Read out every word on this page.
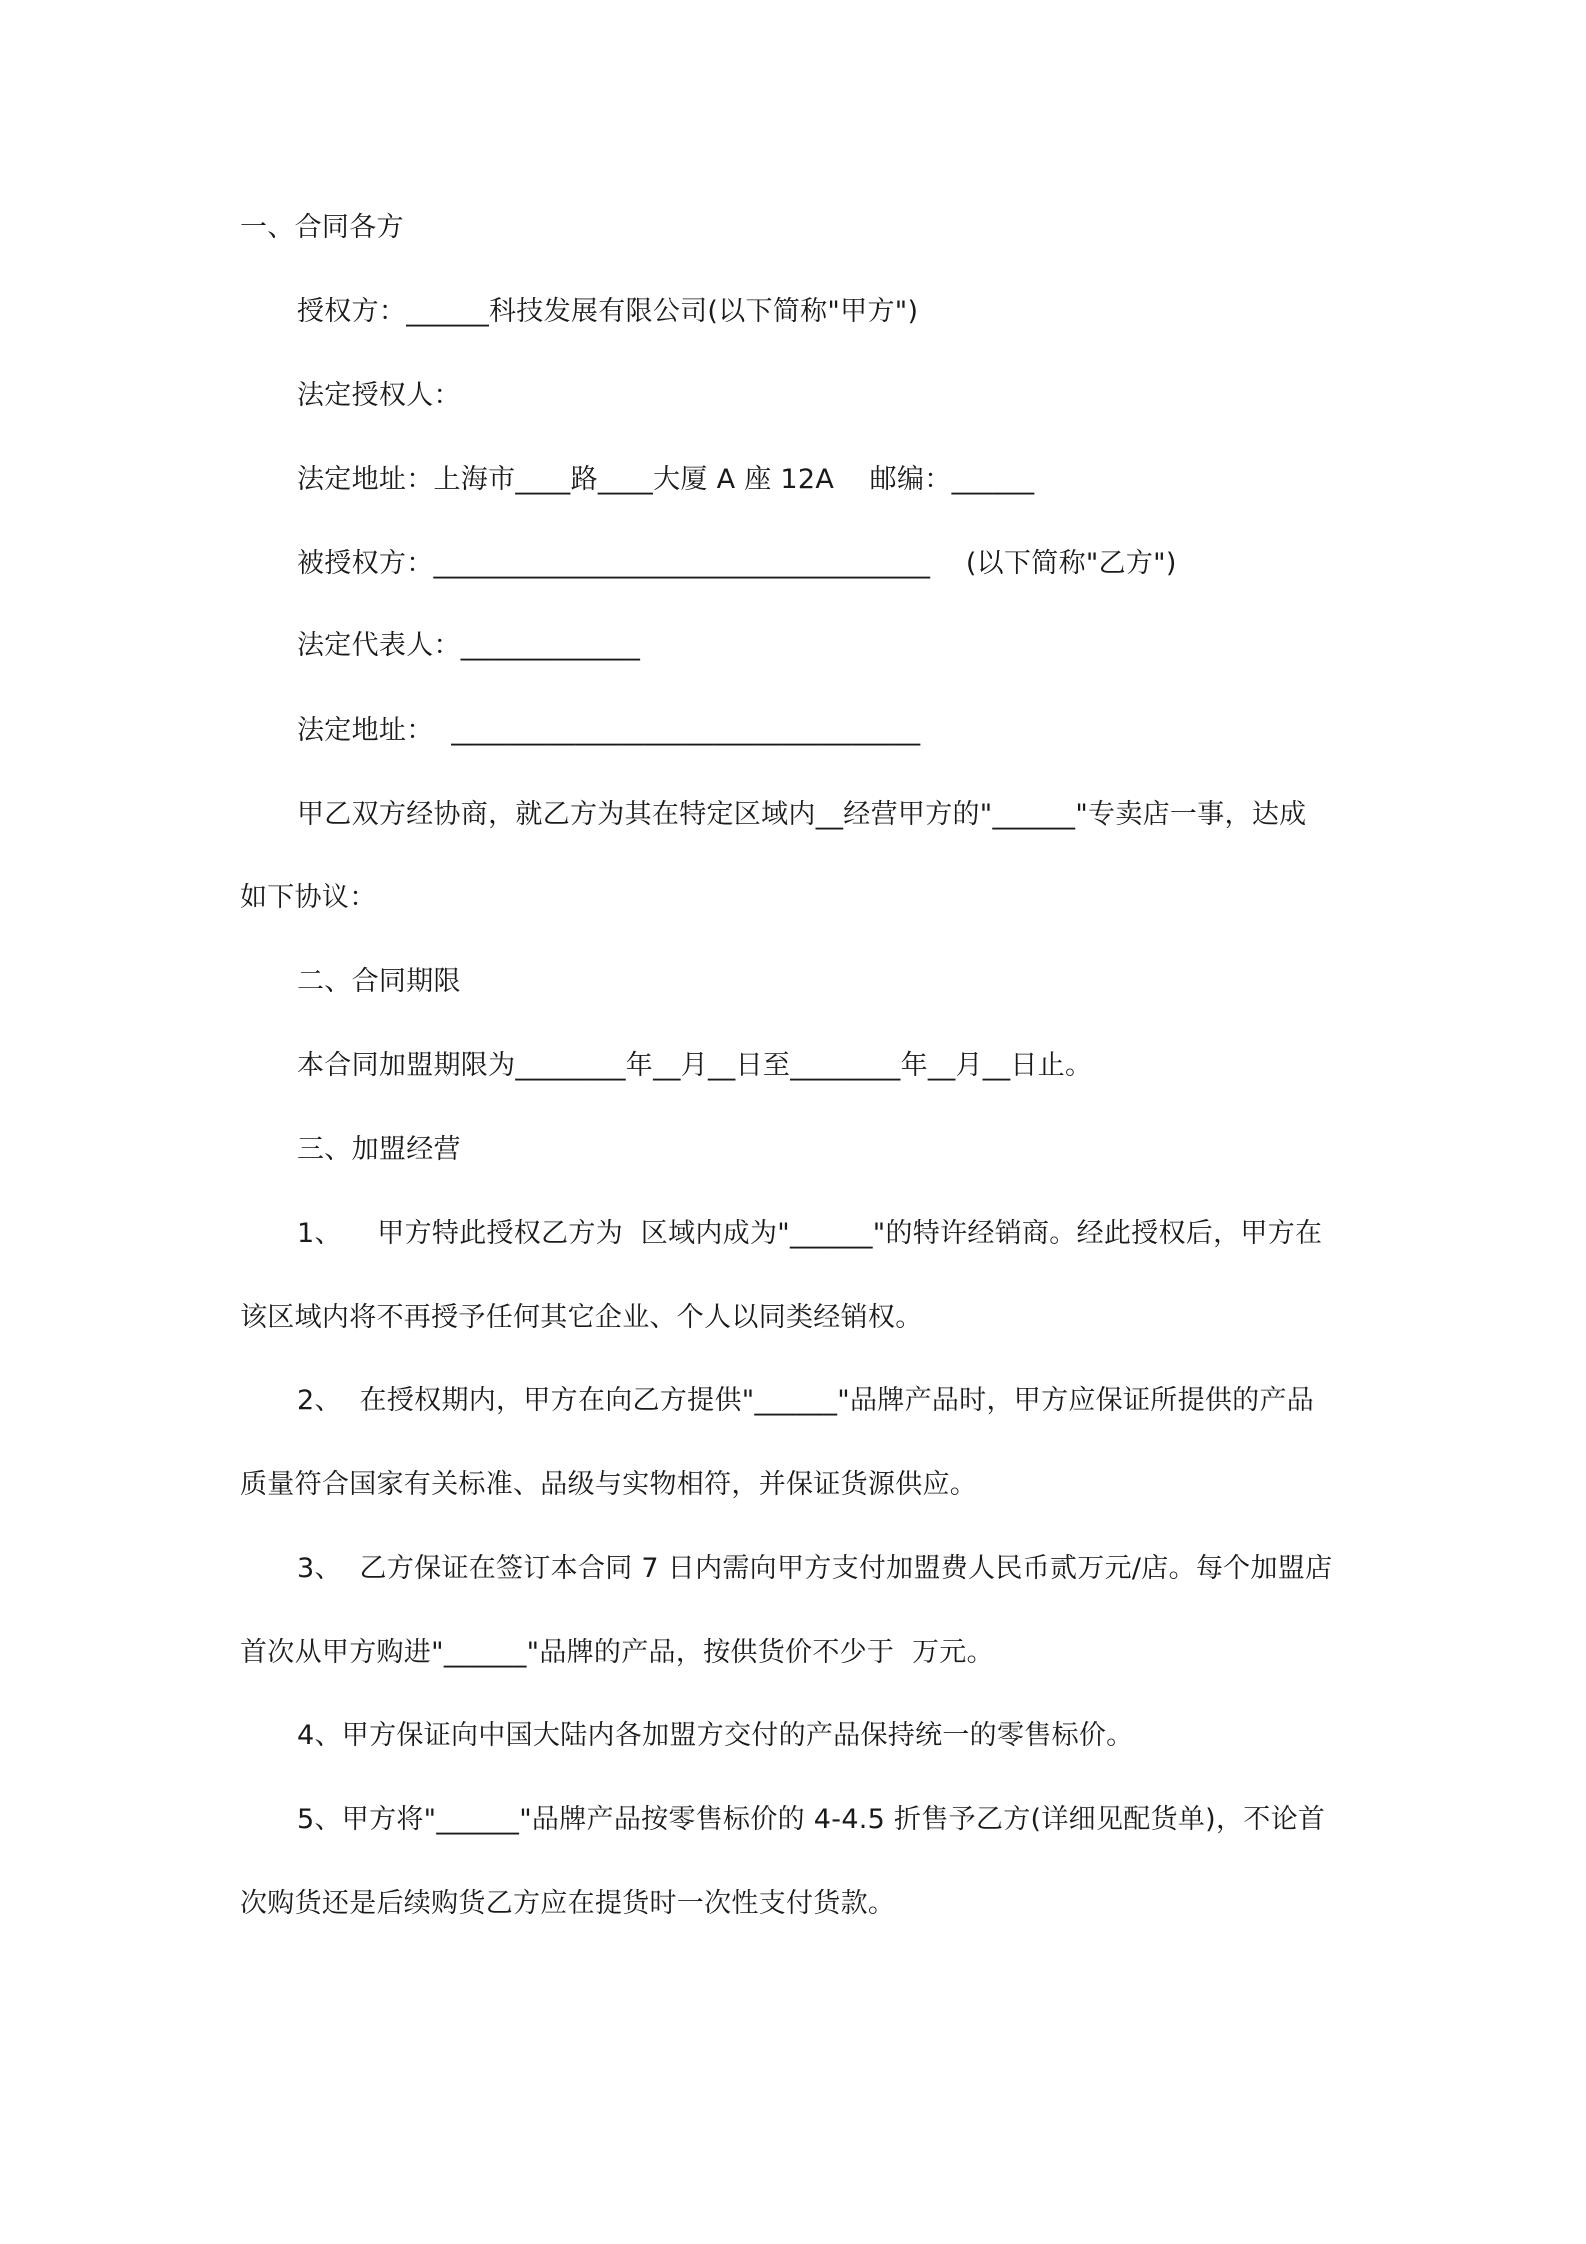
一、合同各方
授权方：______科技发展有限公司(以下简称"甲方")
法定授权人：
法定地址：上海市____路____大厦 A 座 12A    邮编：______
被授权方：____________________________________    (以下简称"乙方")
法定代表人：_____________
法定地址：  __________________________________
甲乙双方经协商，就乙方为其在特定区域内__经营甲方的"______"专卖店一事，达成
如下协议：
二、合同期限
本合同加盟期限为________年__月__日至________年__月__日止。
三、加盟经营
1、    甲方特此授权乙方为  区域内成为"______"的特许经销商。经此授权后，甲方在
该区域内将不再授予任何其它企业、个人以同类经销权。
2、  在授权期内，甲方在向乙方提供"______"品牌产品时，甲方应保证所提供的产品
质量符合国家有关标准、品级与实物相符，并保证货源供应。
3、  乙方保证在签订本合同 7 日内需向甲方支付加盟费人民币贰万元/店。每个加盟店
首次从甲方购进"______"品牌的产品，按供货价不少于  万元。
4、甲方保证向中国大陆内各加盟方交付的产品保持统一的零售标价。
5、甲方将"______"品牌产品按零售标价的 4-4.5 折售予乙方(详细见配货单)，不论首
次购货还是后续购货乙方应在提货时一次性支付货款。
